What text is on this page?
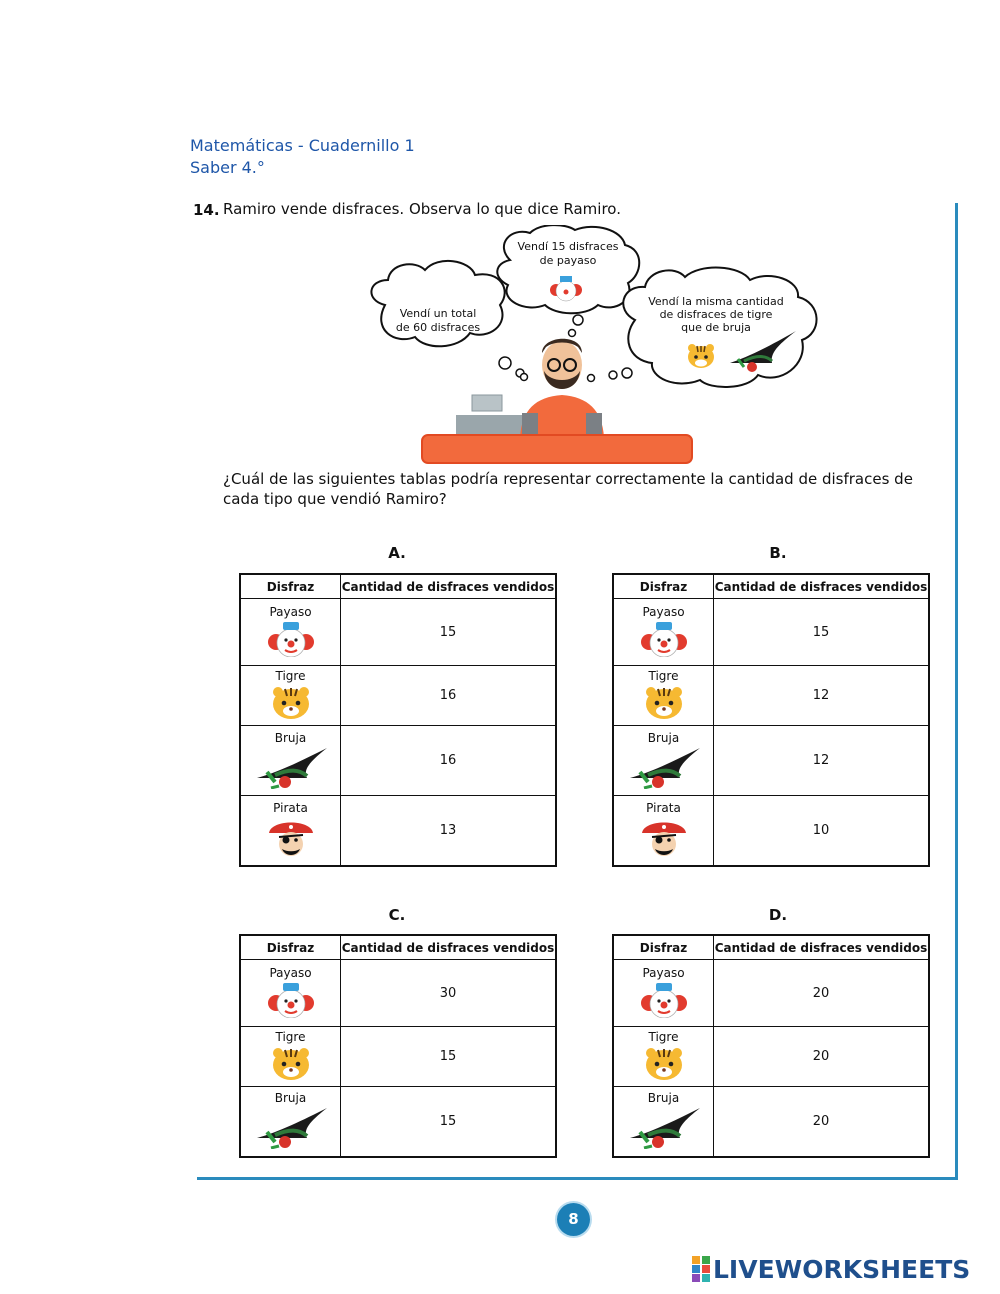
Matemáticas - Cuadernillo 1
Saber 4.°
14. Ramiro vende disfraces. Observa lo que dice Ramiro.
Vendí un total
de 60 disfraces
Vendí 15 disfraces
de payaso
Vendí la misma cantidad
de disfraces de tigre
que de bruja
¿Cuál de las siguientes tablas podría representar correctamente la cantidad de disfraces de cada tipo que vendió Ramiro?
A.	B.
C.	D.
Disfraz	Cantidad de disfraces vendidos

Payaso	15

Tigre	16

Bruja	16

Pirata	13
Disfraz	Cantidad de disfraces vendidos

Payaso	15

Tigre	12

Bruja	12

Pirata	10
Disfraz	Cantidad de disfraces vendidos

Payaso	30

Tigre	15

Bruja	15
Disfraz	Cantidad de disfraces vendidos

Payaso	20

Tigre	20

Bruja	20
8
LIVEWORKSHEETS
